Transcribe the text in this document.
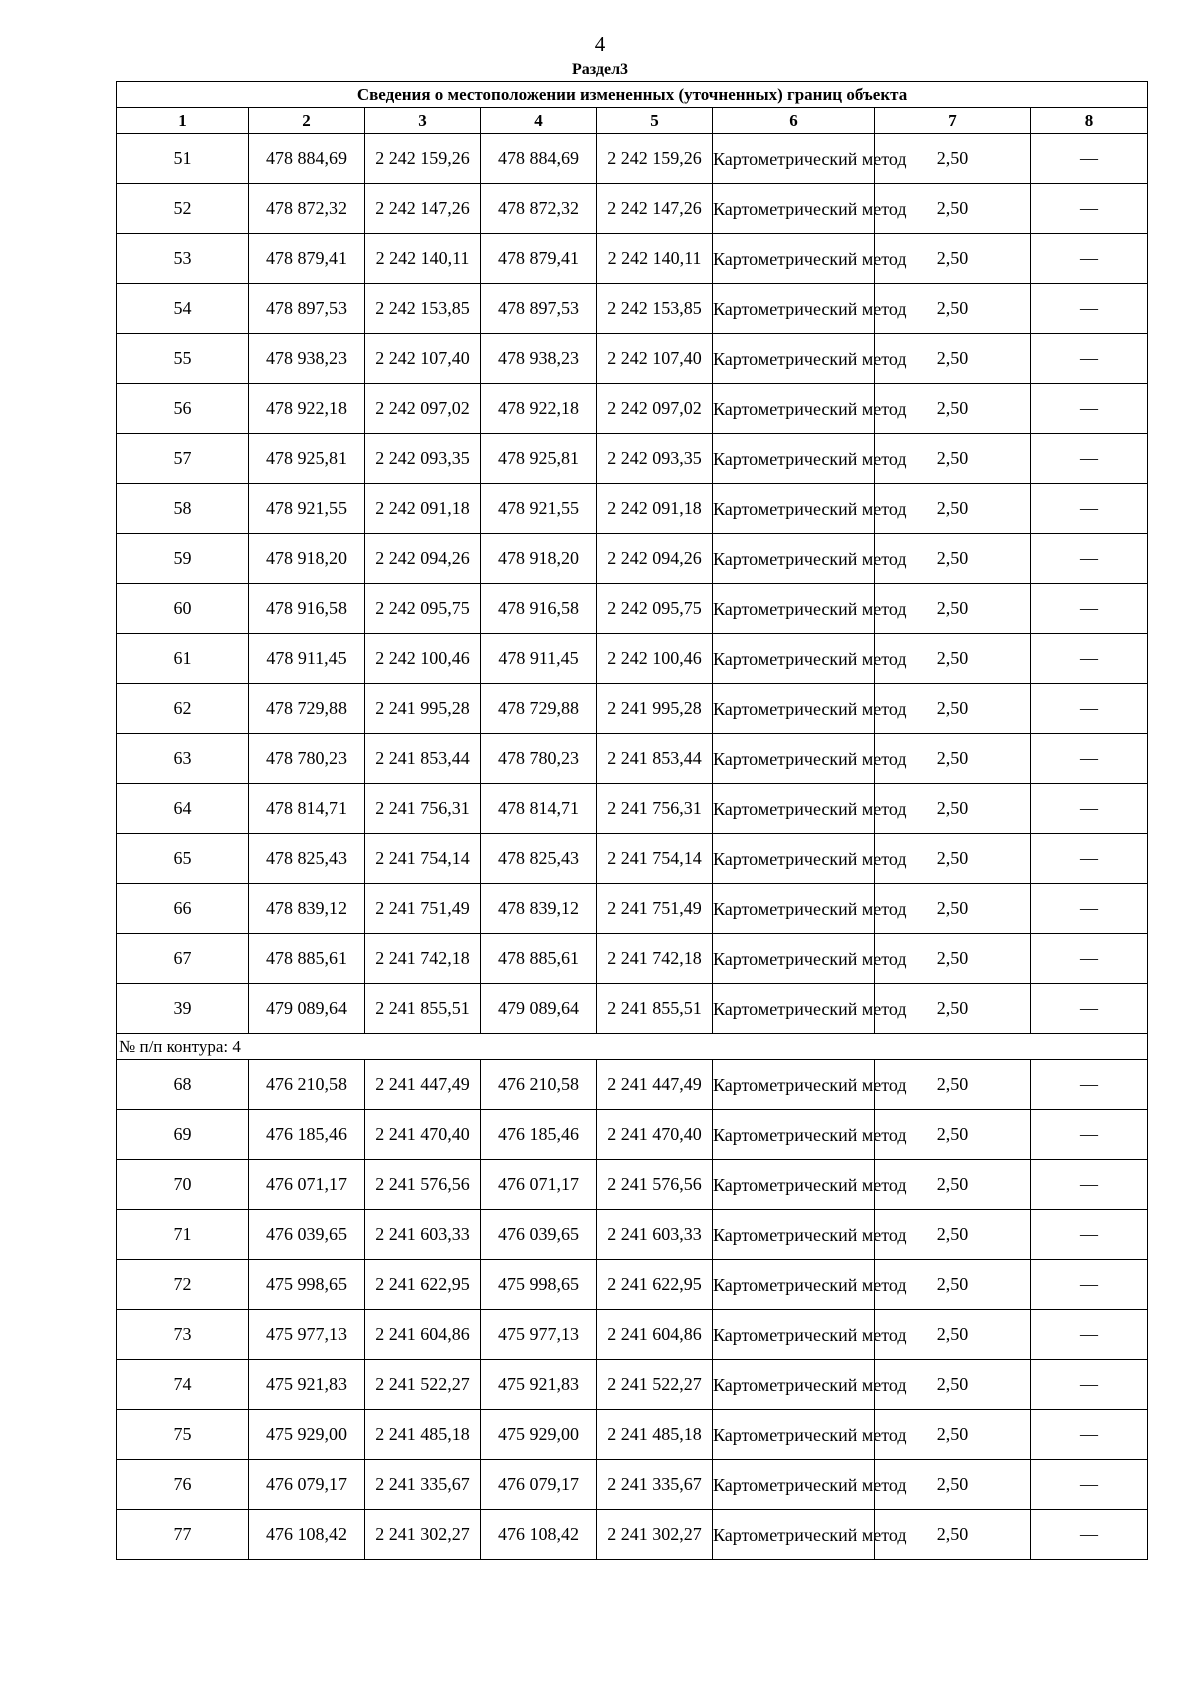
4
Раздел3
Сведения о местоположении измененных (уточненных) границ объекта							
1	2	3	4	5	6	7	8
51	478 884,69	2 242 159,26	478 884,69	2 242 159,26	Картометрический метод	2,50	—
52	478 872,32	2 242 147,26	478 872,32	2 242 147,26	Картометрический метод	2,50	—
53	478 879,41	2 242 140,11	478 879,41	2 242 140,11	Картометрический метод	2,50	—
54	478 897,53	2 242 153,85	478 897,53	2 242 153,85	Картометрический метод	2,50	—
55	478 938,23	2 242 107,40	478 938,23	2 242 107,40	Картометрический метод	2,50	—
56	478 922,18	2 242 097,02	478 922,18	2 242 097,02	Картометрический метод	2,50	—
57	478 925,81	2 242 093,35	478 925,81	2 242 093,35	Картометрический метод	2,50	—
58	478 921,55	2 242 091,18	478 921,55	2 242 091,18	Картометрический метод	2,50	—
59	478 918,20	2 242 094,26	478 918,20	2 242 094,26	Картометрический метод	2,50	—
60	478 916,58	2 242 095,75	478 916,58	2 242 095,75	Картометрический метод	2,50	—
61	478 911,45	2 242 100,46	478 911,45	2 242 100,46	Картометрический метод	2,50	—
62	478 729,88	2 241 995,28	478 729,88	2 241 995,28	Картометрический метод	2,50	—
63	478 780,23	2 241 853,44	478 780,23	2 241 853,44	Картометрический метод	2,50	—
64	478 814,71	2 241 756,31	478 814,71	2 241 756,31	Картометрический метод	2,50	—
65	478 825,43	2 241 754,14	478 825,43	2 241 754,14	Картометрический метод	2,50	—
66	478 839,12	2 241 751,49	478 839,12	2 241 751,49	Картометрический метод	2,50	—
67	478 885,61	2 241 742,18	478 885,61	2 241 742,18	Картометрический метод	2,50	—
39	479 089,64	2 241 855,51	479 089,64	2 241 855,51	Картометрический метод	2,50	—
№ п/п контура: 4							
68	476 210,58	2 241 447,49	476 210,58	2 241 447,49	Картометрический метод	2,50	—
69	476 185,46	2 241 470,40	476 185,46	2 241 470,40	Картометрический метод	2,50	—
70	476 071,17	2 241 576,56	476 071,17	2 241 576,56	Картометрический метод	2,50	—
71	476 039,65	2 241 603,33	476 039,65	2 241 603,33	Картометрический метод	2,50	—
72	475 998,65	2 241 622,95	475 998,65	2 241 622,95	Картометрический метод	2,50	—
73	475 977,13	2 241 604,86	475 977,13	2 241 604,86	Картометрический метод	2,50	—
74	475 921,83	2 241 522,27	475 921,83	2 241 522,27	Картометрический метод	2,50	—
75	475 929,00	2 241 485,18	475 929,00	2 241 485,18	Картометрический метод	2,50	—
76	476 079,17	2 241 335,67	476 079,17	2 241 335,67	Картометрический метод	2,50	—
77	476 108,42	2 241 302,27	476 108,42	2 241 302,27	Картометрический метод	2,50	—
